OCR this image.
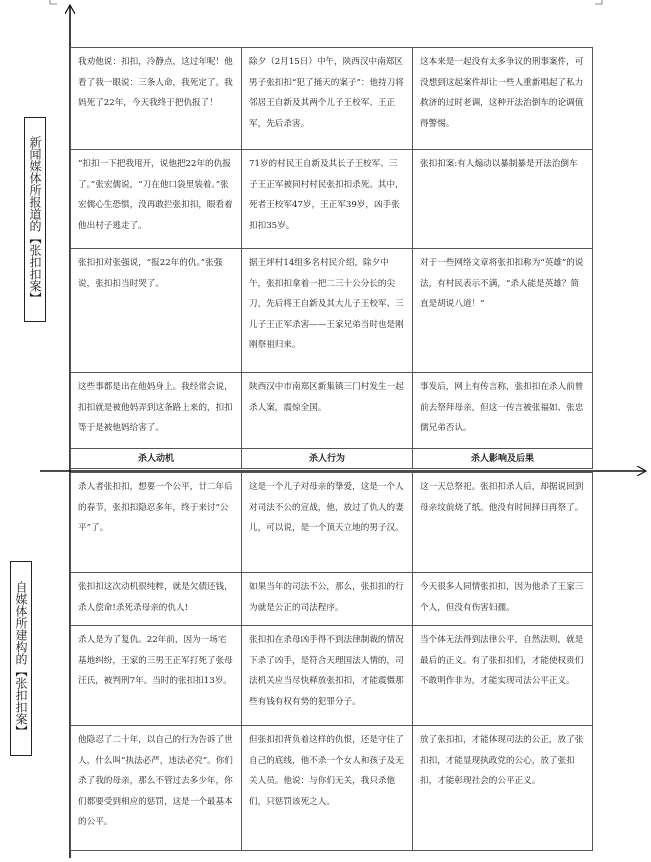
新闻媒体所报道的【张扣扣案】
自媒体所建构的【张扣扣案】
我劝他说：扣扣，冷静点，这过年呢！他看了我一眼说：三条人命，我死定了。我妈死了22年，今天我终于把仇报了！	除夕（2月15日）中午，陕西汉中南郑区男子张扣扣“犯了捅天的案子”：他持刀将邻居王自新及其两个儿子王校军、王正军，先后杀害。	这本来是一起没有太多争议的刑事案件，可没想到这起案件却让一些人重新唱起了私力救济的过时老调，这种开法治倒车的论调值得警惕。
“扣扣一下把我甩开，说他把22年的仇报了。”张宏儒说，“刀在他口袋里装着。”张宏儒心生恐惧，没再敢拦张扣扣，眼看着他出村子逃走了。	71岁的村民王自新及其长子王校军、三子王正军被同村村民张扣扣杀死。其中，死者王校军47岁，王正军39岁，凶手张扣扣35岁。	张扣扣案:有人煽动以暴制暴是开法治倒车
张扣扣对张强说，“报22年的仇。”张强说，张扣扣当时哭了。	据王坪村14组多名村民介绍，除夕中午，张扣扣拿着一把二三十公分长的尖刀，先后将王自新及其大儿子王校军、三儿子王正军杀害——王家兄弟当时也是刚刚祭祖归来。	对于一些网络文章将张扣扣称为“英雄”的说法，有村民表示不满，“杀人能是英雄？简直是胡说八道！”
这些事都是出在他妈身上。我经常会说，扣扣就是被他妈弄到这条路上来的，扣扣等于是被他妈给害了。	陕西汉中市南郑区新集镇三门村发生一起杀人案，震惊全国。	事发后，网上有传言称，张扣扣在杀人前曾前去祭拜母亲，但这一传言被张福如、张忠儒兄弟否认。
杀人动机	杀人行为	杀人影响及后果
杀人者张扣扣，想要一个公平，廿二年后的春节，张扣扣隐忍多年，终于来讨“公平”了。	这是一个儿子对母亲的挚爱，这是一个人对司法不公的宣战，他，放过了仇人的妻儿，可以说，是一个顶天立地的男子汉。	这一天总祭祀。张扣扣杀人后，却据说回到母亲坟前烧了纸。他没有时间择日再祭了。
张扣扣这次动机很纯粹，就是欠债还钱，杀人偿命!杀死杀母亲的仇人!	如果当年的司法不公，那么，张扣扣的行为就是公正的司法程序。	今天很多人同情张扣扣，因为他杀了王家三个人，但没有伤害妇孺。
杀人是为了复仇。22年前，因为一场宅基地纠纷，王家的三男王正军打死了张母汪氏，被判刑7年。当时的张扣扣13岁。	张扣扣在杀母凶手得不到法律制裁的情况下杀了凶手，是符合天理国法人情的，司法机关应当尽快释放张扣扣，才能震慑那些有钱有权有势的犯罪分子。	当个体无法得到法律公平，自然法则，就是最后的正义。有了张扣扣们，才能使权贵们不敢明作非为，才能实现司法公平正义。
他隐忍了二十年，以自己的行为告诉了世人，什么叫“执法必严，违法必究”。你们杀了我的母亲，那么不管过去多少年，你们都要受到相应的惩罚，这是一个最基本的公平。	但张扣扣背负着这样的仇恨，还是守住了自己的底线，他不杀一个女人和孩子及无关人员。他说：与你们无关，我只杀他们，只惩罚该死之人。	放了张扣扣，才能体现司法的公正，放了张扣扣，才能显现执政党的公心，放了张扣扣，才能彰现社会的公平正义。
